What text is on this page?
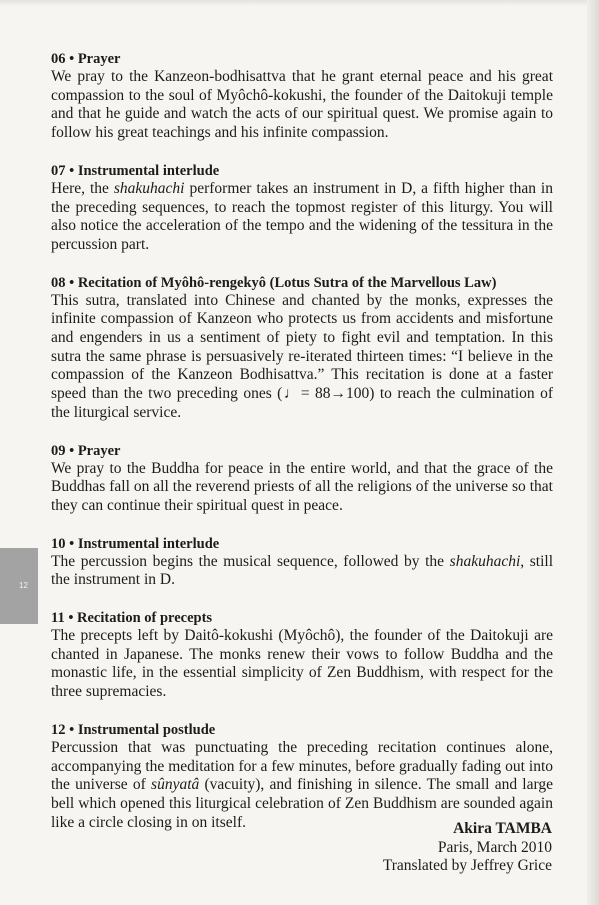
12
06 • Prayer

We pray to the Kanzeon-bodhisattva that he grant eternal peace and his great compassion to the soul of Myôchô-kokushi, the founder of the Daitokuji temple and that he guide and watch the acts of our spiritual quest. We promise again to follow his great teachings and his infinite compassion.

07 • Instrumental interlude

Here, the shakuhachi performer takes an instrument in D, a fifth higher than in the preceding sequences, to reach the topmost register of this liturgy. You will also notice the acceleration of the tempo and the widening of the tessitura in the percussion part.

08 • Recitation of Myôhô-rengekyô (Lotus Sutra of the Marvellous Law)

This sutra, translated into Chinese and chanted by the monks, expresses the infinite compassion of Kanzeon who protects us from accidents and misfortune and engenders in us a sentiment of piety to fight evil and temptation. In this sutra the same phrase is persuasively re-iterated thirteen times: “I believe in the compassion of the Kanzeon Bodhisattva.” This recitation is done at a faster speed than the two preceding ones (♩= 88→100) to reach the culmination of the liturgical service.

09 • Prayer

We pray to the Buddha for peace in the entire world, and that the grace of the Buddhas fall on all the reverend priests of all the religions of the universe so that they can continue their spiritual quest in peace.

10 • Instrumental interlude

The percussion begins the musical sequence, followed by the shakuhachi, still the instrument in D.

11 • Recitation of precepts

The precepts left by Daitô-kokushi (Myôchô), the founder of the Daitokuji are chanted in Japanese. The monks renew their vows to follow Buddha and the monastic life, in the essential simplicity of Zen Buddhism, with respect for the three supremacies.

12 • Instrumental postlude

Percussion that was punctuating the preceding recitation continues alone, accompanying the meditation for a few minutes, before gradually fading out into the universe of sûnyatâ (vacuity), and finishing in silence. The small and large bell which opened this liturgical celebration of Zen Buddhism are sounded again like a circle closing in on itself.	Akira TAMBA
Paris, March 2010
Translated by Jeffrey Grice
